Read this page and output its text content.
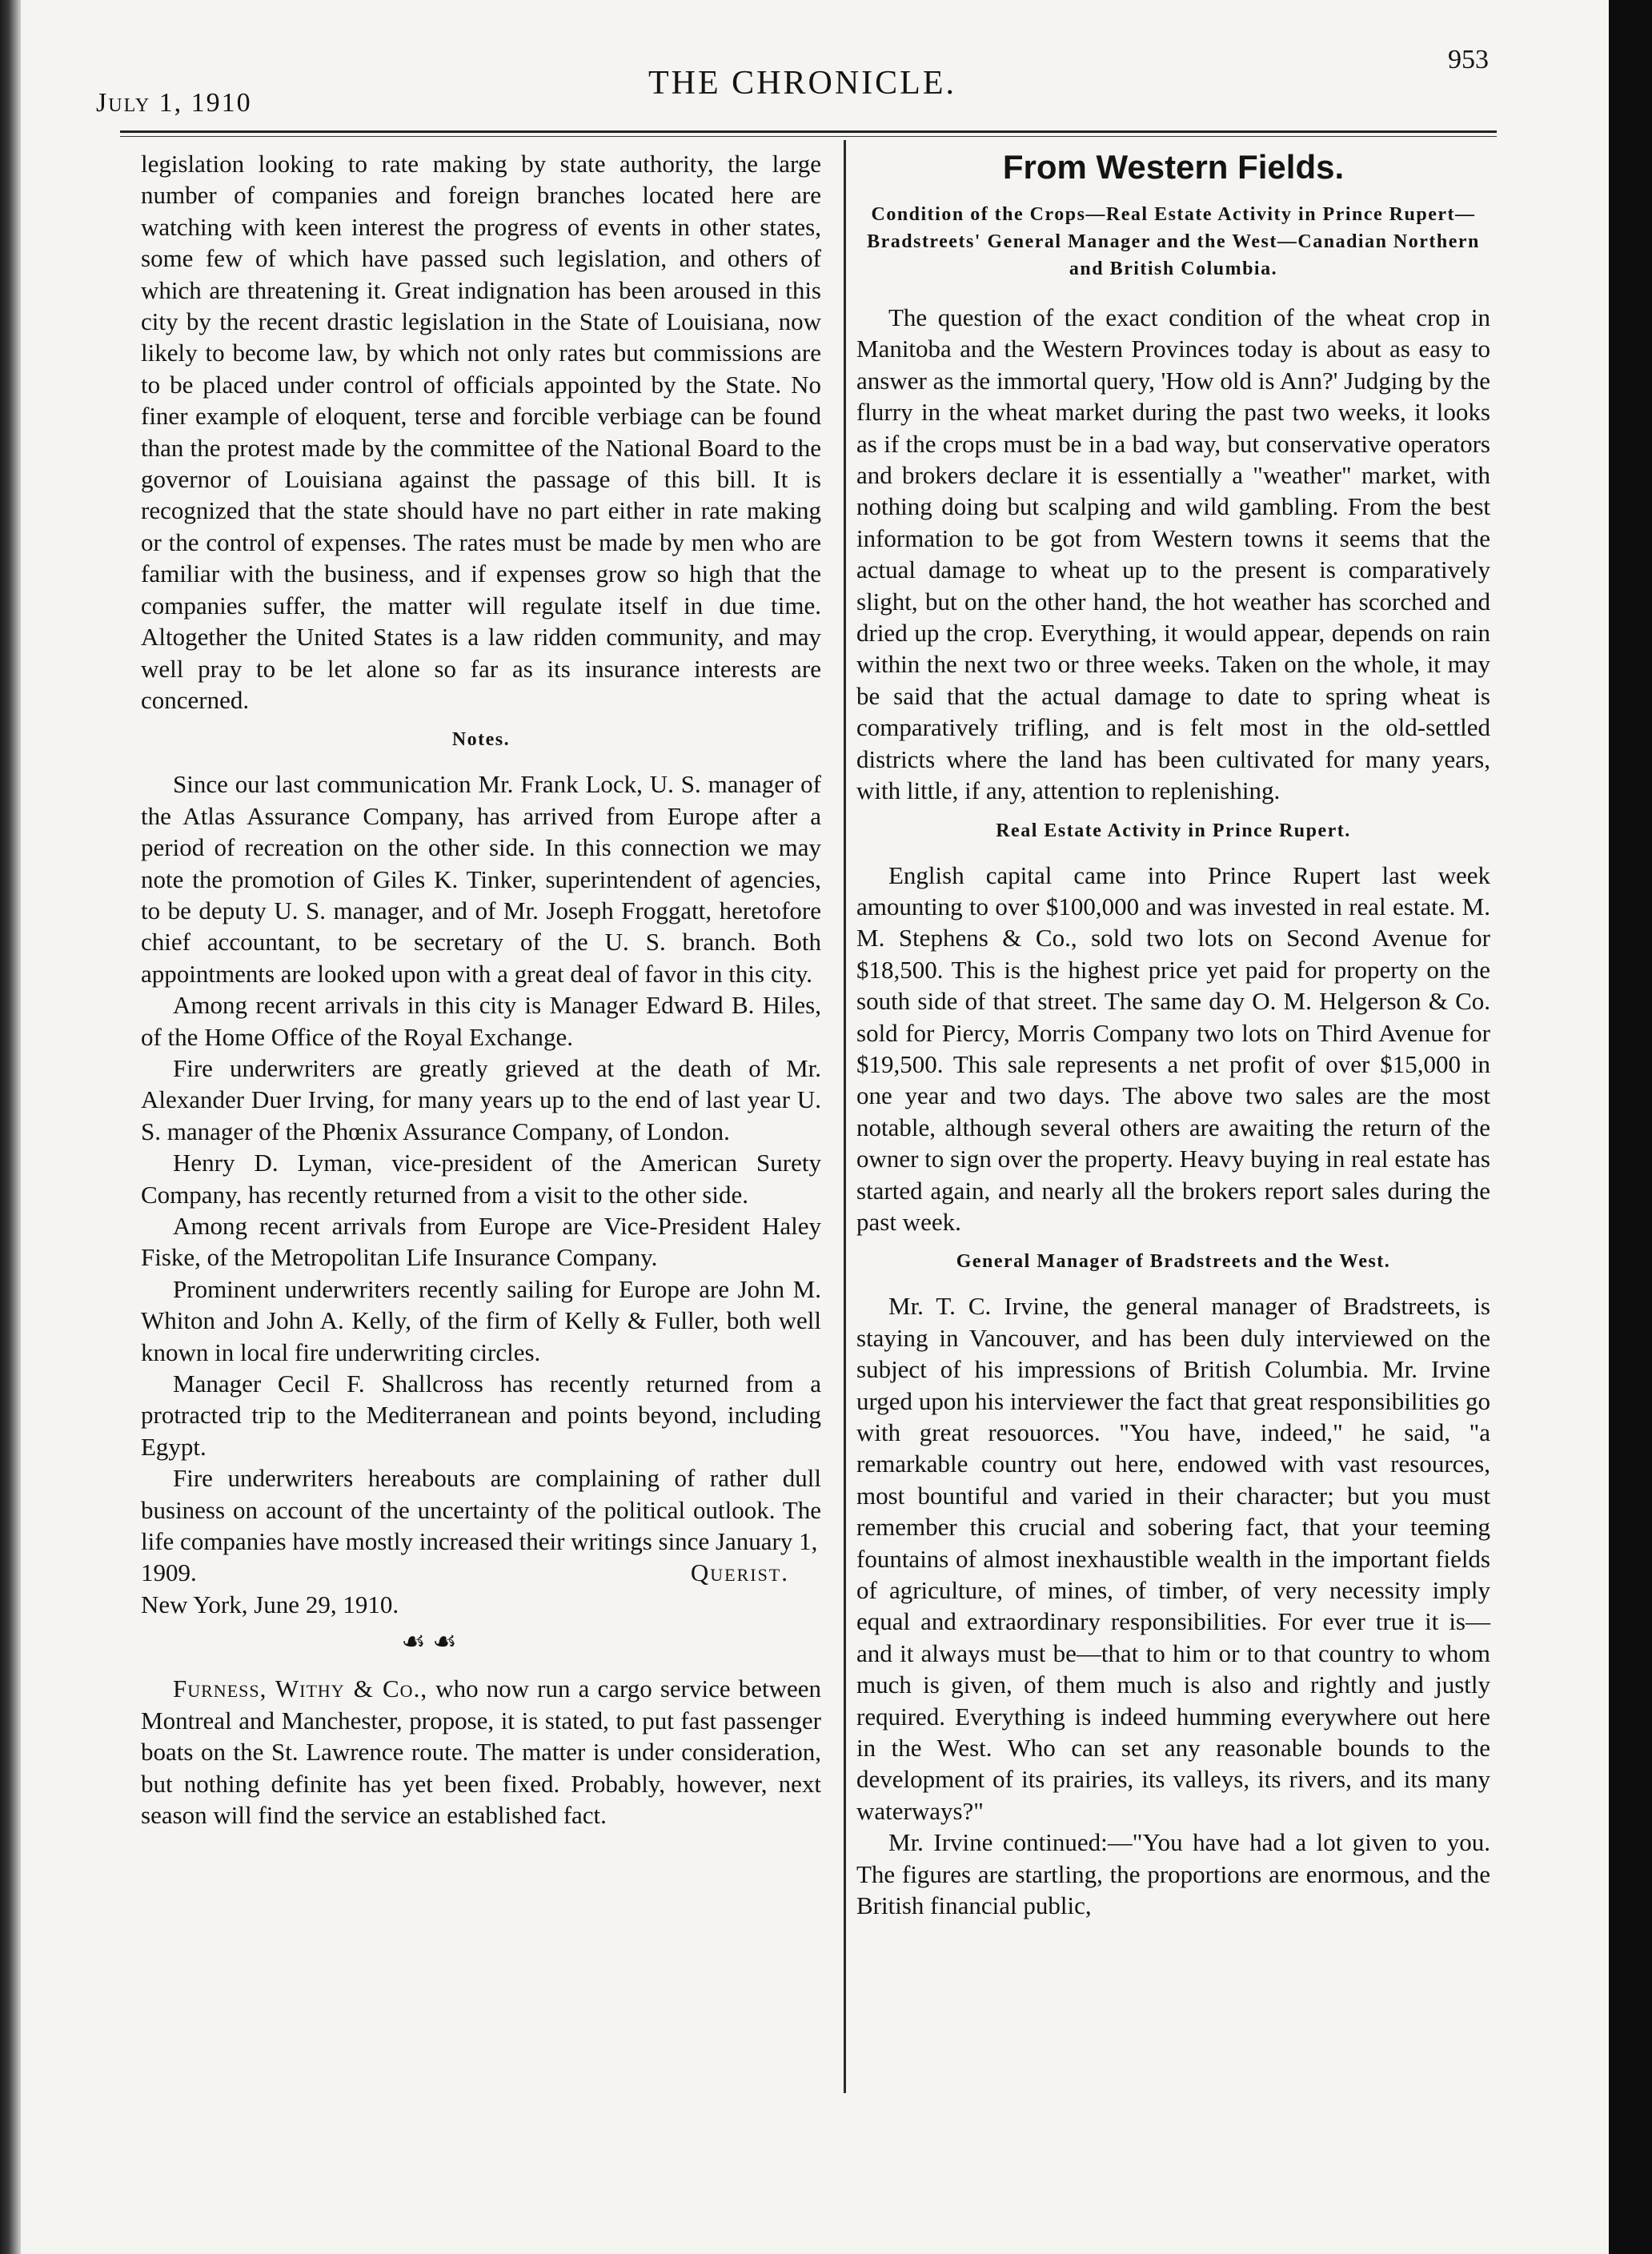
July 1, 1910
THE CHRONICLE.
953

legislation looking to rate making by state authority, the large number of companies and foreign branches located here are watching with keen interest the progress of events in other states, some few of which have passed such legislation, and others of which are threatening it. Great indignation has been aroused in this city by the recent drastic legislation in the State of Louisiana, now likely to become law, by which not only rates but commissions are to be placed under control of officials appointed by the State. No finer example of eloquent, terse and forcible verbiage can be found than the protest made by the committee of the National Board to the governor of Louisiana against the passage of this bill. It is recognized that the state should have no part either in rate making or the control of expenses. The rates must be made by men who are familiar with the business, and if expenses grow so high that the companies suffer, the matter will regulate itself in due time. Altogether the United States is a law ridden community, and may well pray to be let alone so far as its insurance interests are concerned.

Notes.

Since our last communication Mr. Frank Lock, U. S. manager of the Atlas Assurance Company, has arrived from Europe after a period of recreation on the other side. In this connection we may note the promotion of Giles K. Tinker, superintendent of agencies, to be deputy U. S. manager, and of Mr. Joseph Froggatt, heretofore chief accountant, to be secretary of the U. S. branch. Both appointments are looked upon with a great deal of favor in this city.

Among recent arrivals in this city is Manager Edward B. Hiles, of the Home Office of the Royal Exchange.

Fire underwriters are greatly grieved at the death of Mr. Alexander Duer Irving, for many years up to the end of last year U. S. manager of the Phœnix Assurance Company, of London.

Henry D. Lyman, vice-president of the American Surety Company, has recently returned from a visit to the other side.

Among recent arrivals from Europe are Vice-President Haley Fiske, of the Metropolitan Life Insurance Company.

Prominent underwriters recently sailing for Europe are John M. Whiton and John A. Kelly, of the firm of Kelly & Fuller, both well known in local fire underwriting circles.

Manager Cecil F. Shallcross has recently returned from a protracted trip to the Mediterranean and points beyond, including Egypt.

Fire underwriters hereabouts are complaining of rather dull business on account of the uncertainty of the political outlook. The life companies have mostly increased their writings since January 1,

1909.	Querist.

New York, June 29, 1910.

☙ ☙

Furness, Withy & Co., who now run a cargo service between Montreal and Manchester, propose, it is stated, to put fast passenger boats on the St. Lawrence route. The matter is under consideration, but nothing definite has yet been fixed. Probably, however, next season will find the service an established fact.

From Western Fields.
Condition of the Crops—Real Estate Activity in Prince Rupert—Bradstreets' General Manager and the West—Canadian Northern and British Columbia.

The question of the exact condition of the wheat crop in Manitoba and the Western Provinces today is about as easy to answer as the immortal query, 'How old is Ann?' Judging by the flurry in the wheat market during the past two weeks, it looks as if the crops must be in a bad way, but conservative operators and brokers declare it is essentially a "weather" market, with nothing doing but scalping and wild gambling. From the best information to be got from Western towns it seems that the actual damage to wheat up to the present is comparatively slight, but on the other hand, the hot weather has scorched and dried up the crop. Everything, it would appear, depends on rain within the next two or three weeks. Taken on the whole, it may be said that the actual damage to date to spring wheat is comparatively trifling, and is felt most in the old-settled districts where the land has been cultivated for many years, with little, if any, attention to replenishing.

Real Estate Activity in Prince Rupert.

English capital came into Prince Rupert last week amounting to over $100,000 and was invested in real estate. M. M. Stephens & Co., sold two lots on Second Avenue for $18,500. This is the highest price yet paid for property on the south side of that street. The same day O. M. Helgerson & Co. sold for Piercy, Morris Company two lots on Third Avenue for $19,500. This sale represents a net profit of over $15,000 in one year and two days. The above two sales are the most notable, although several others are awaiting the return of the owner to sign over the property. Heavy buying in real estate has started again, and nearly all the brokers report sales during the past week.

General Manager of Bradstreets and the West.

Mr. T. C. Irvine, the general manager of Bradstreets, is staying in Vancouver, and has been duly interviewed on the subject of his impressions of British Columbia. Mr. Irvine urged upon his interviewer the fact that great responsibilities go with great resouorces. "You have, indeed," he said, "a remarkable country out here, endowed with vast resources, most bountiful and varied in their character; but you must remember this crucial and sobering fact, that your teeming fountains of almost inexhaustible wealth in the important fields of agriculture, of mines, of timber, of very necessity imply equal and extraordinary responsibilities. For ever true it is—and it always must be—that to him or to that country to whom much is given, of them much is also and rightly and justly required. Everything is indeed humming everywhere out here in the West. Who can set any reasonable bounds to the development of its prairies, its valleys, its rivers, and its many waterways?"

Mr. Irvine continued:—"You have had a lot given to you. The figures are startling, the proportions are enormous, and the British financial public,
